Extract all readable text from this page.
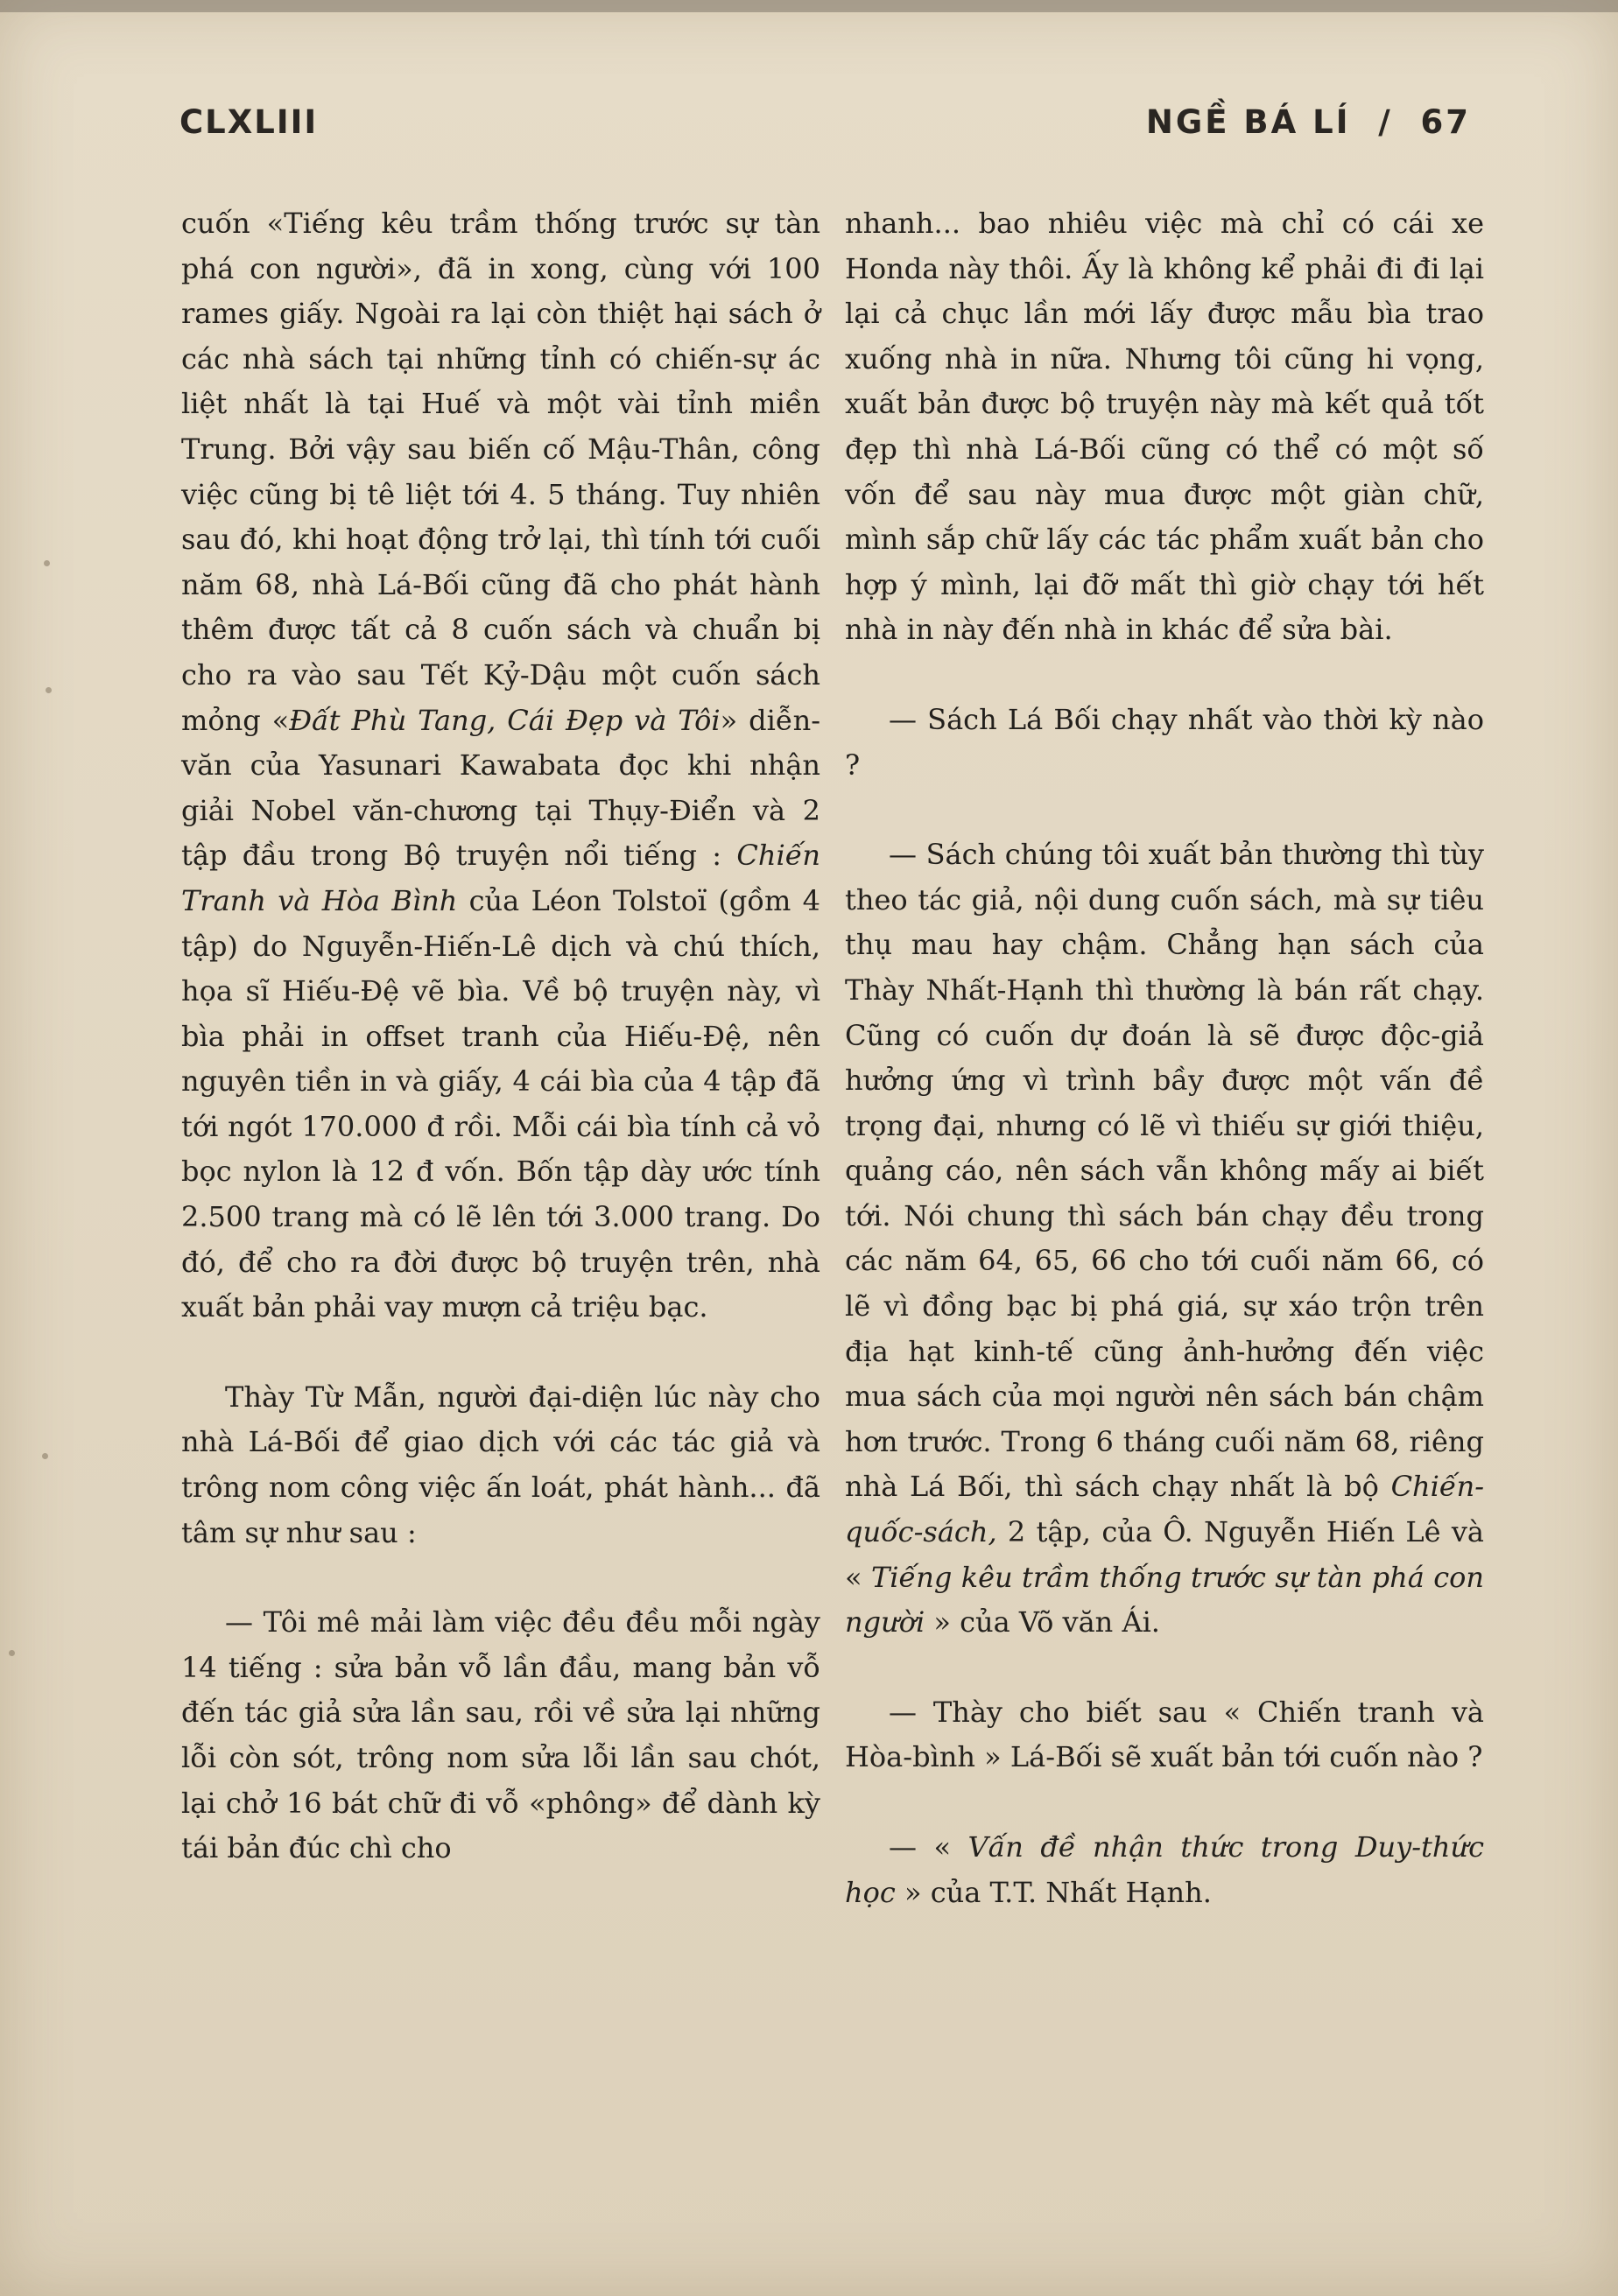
CLXLIII	NGỀ BÁ LÍ  /  67

cuốn «Tiếng kêu trầm thống trước sự tàn phá con người», đã in xong, cùng với 100 rames giấy. Ngoài ra lại còn thiệt hại sách ở các nhà sách tại những tỉnh có chiến-sự ác liệt nhất là tại Huế và một vài tỉnh miền Trung. Bởi vậy sau biến cố Mậu-Thân, công việc cũng bị tê liệt tới 4. 5 tháng. Tuy nhiên sau đó, khi hoạt động trở lại, thì tính tới cuối năm 68, nhà Lá-Bối cũng đã cho phát hành thêm được tất cả 8 cuốn sách và chuẩn bị cho ra vào sau Tết Kỷ-Dậu một cuốn sách mỏng «Đất Phù Tang, Cái Đẹp và Tôi» diễn-văn của Yasunari Kawabata đọc khi nhận giải Nobel văn-chương tại Thụy-Điển và 2 tập đầu trong Bộ truyện nổi tiếng : Chiến Tranh và Hòa Bình của Léon Tolstoï (gồm 4 tập) do Nguyễn-Hiến-Lê dịch và chú thích, họa sĩ Hiếu-Đệ vẽ bìa. Về bộ truyện này, vì bìa phải in offset tranh của Hiếu-Đệ, nên nguyên tiền in và giấy, 4 cái bìa của 4 tập đã tới ngót 170.000 đ rồi. Mỗi cái bìa tính cả vỏ bọc nylon là 12 đ vốn. Bốn tập dày ước tính 2.500 trang mà có lẽ lên tới 3.000 trang. Do đó, để cho ra đời được bộ truyện trên, nhà xuất bản phải vay mượn cả triệu bạc.

Thày Từ Mẫn, người đại-diện lúc này cho nhà Lá-Bối để giao dịch với các tác giả và trông nom công việc ấn loát, phát hành... đã tâm sự như sau :

— Tôi mê mải làm việc đều đều mỗi ngày 14 tiếng : sửa bản vỗ lần đầu, mang bản vỗ đến tác giả sửa lần sau, rồi về sửa lại những lỗi còn sót, trông nom sửa lỗi lần sau chót, lại chở 16 bát chữ đi vỗ «phông» để dành kỳ tái bản đúc chì cho

nhanh... bao nhiêu việc mà chỉ có cái xe Honda này thôi. Ấy là không kể phải đi đi lại lại cả chục lần mới lấy được mẫu bìa trao xuống nhà in nữa. Nhưng tôi cũng hi vọng, xuất bản được bộ truyện này mà kết quả tốt đẹp thì nhà Lá-Bối cũng có thể có một số vốn để sau này mua được một giàn chữ, mình sắp chữ lấy các tác phẩm xuất bản cho hợp ý mình, lại đỡ mất thì giờ chạy tới hết nhà in này đến nhà in khác để sửa bài.

— Sách Lá Bối chạy nhất vào thời kỳ nào ?

— Sách chúng tôi xuất bản thường thì tùy theo tác giả, nội dung cuốn sách, mà sự tiêu thụ mau hay chậm. Chẳng hạn sách của Thày Nhất-Hạnh thì thường là bán rất chạy. Cũng có cuốn dự đoán là sẽ được độc-giả hưởng ứng vì trình bầy được một vấn đề trọng đại, nhưng có lẽ vì thiếu sự giới thiệu, quảng cáo, nên sách vẫn không mấy ai biết tới. Nói chung thì sách bán chạy đều trong các năm 64, 65, 66 cho tới cuối năm 66, có lẽ vì đồng bạc bị phá giá, sự xáo trộn trên địa hạt kinh-tế cũng ảnh-hưởng đến việc mua sách của mọi người nên sách bán chậm hơn trước. Trong 6 tháng cuối năm 68, riêng nhà Lá Bối, thì sách chạy nhất là bộ Chiến-quốc-sách, 2 tập, của Ô. Nguyễn Hiến Lê và « Tiếng kêu trầm thống trước sự tàn phá con người » của Võ văn Ái.

— Thày cho biết sau « Chiến tranh và Hòa-bình » Lá-Bối sẽ xuất bản tới cuốn nào ?

— « Vấn đề nhận thức trong Duy-thức học » của T.T. Nhất Hạnh.
